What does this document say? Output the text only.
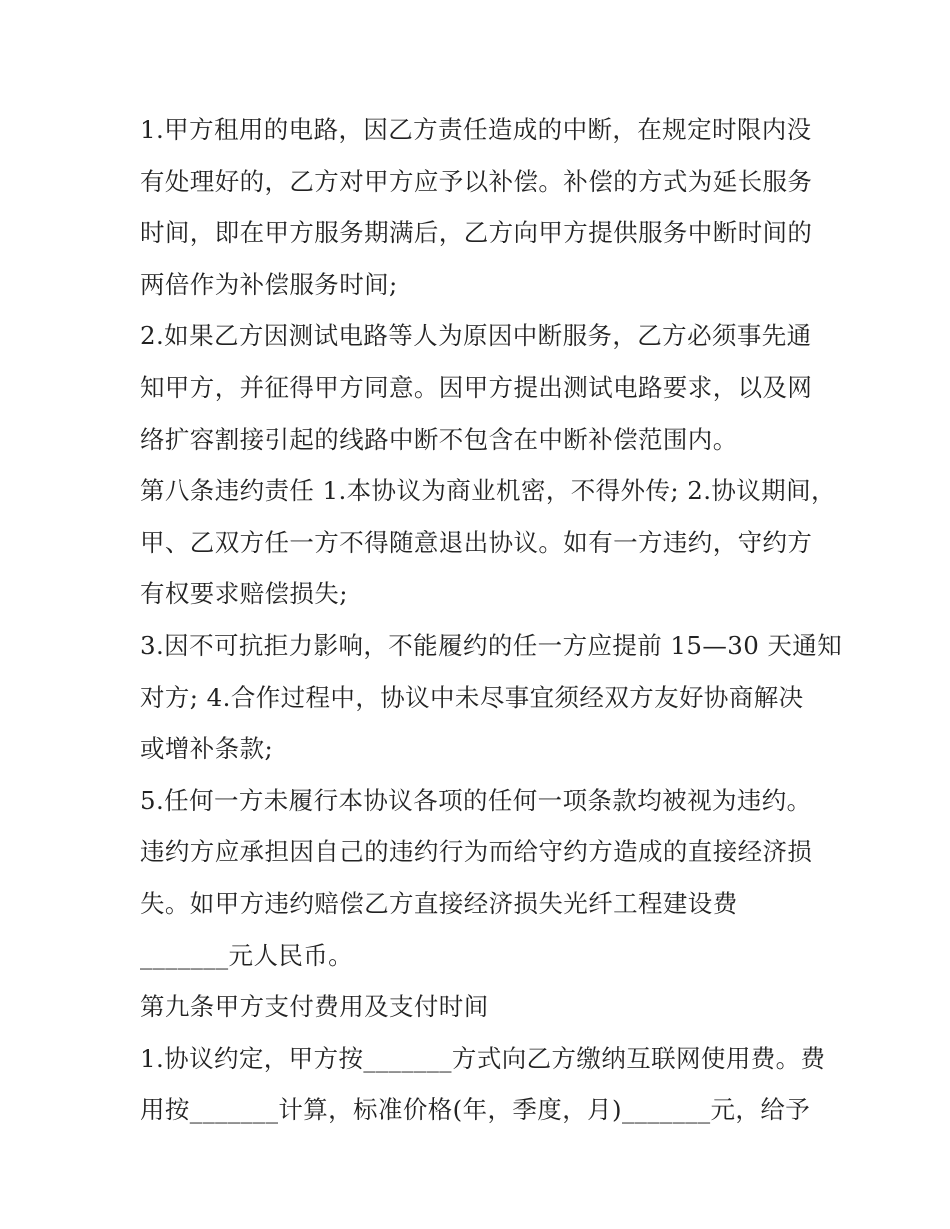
1.甲方租用的电路，因乙方责任造成的中断，在规定时限内没
有处理好的，乙方对甲方应予以补偿。补偿的方式为延长服务
时间，即在甲方服务期满后，乙方向甲方提供服务中断时间的
两倍作为补偿服务时间;
2.如果乙方因测试电路等人为原因中断服务，乙方必须事先通
知甲方，并征得甲方同意。因甲方提出测试电路要求，以及网
络扩容割接引起的线路中断不包含在中断补偿范围内。
第八条违约责任 1.本协议为商业机密，不得外传; 2.协议期间，
甲、乙双方任一方不得随意退出协议。如有一方违约，守约方
有权要求赔偿损失;
3.因不可抗拒力影响，不能履约的任一方应提前 15—30 天通知
对方; 4.合作过程中，协议中未尽事宜须经双方友好协商解决
或增补条款;
5.任何一方未履行本协议各项的任何一项条款均被视为违约。
违约方应承担因自己的违约行为而给守约方造成的直接经济损
失。如甲方违约赔偿乙方直接经济损失光纤工程建设费
_______元人民币。
第九条甲方支付费用及支付时间
1.协议约定，甲方按_______方式向乙方缴纳互联网使用费。费
用按_______计算，标准价格(年，季度，月)_______元，给予
